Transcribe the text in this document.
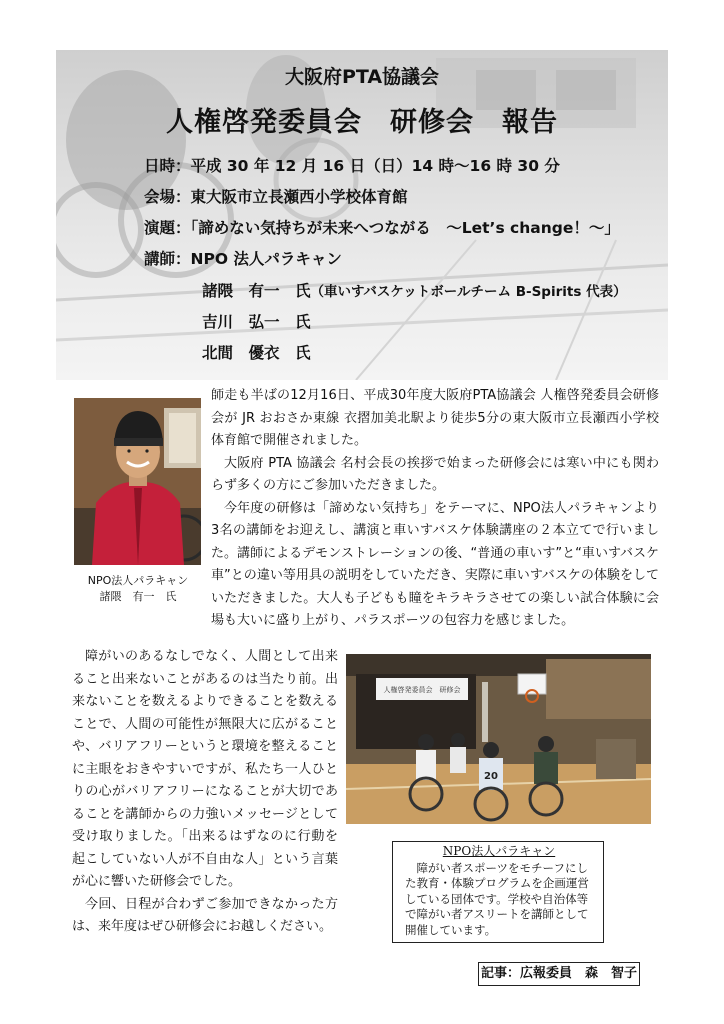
大阪府PTA協議会
人権啓発委員会　研修会　報告
日時：平成 30 年 12 月 16 日（日）14 時～16 時 30 分
会場：東大阪市立長瀬西小学校体育館
演題：「諦めない気持ちが未来へつながる　～Let’s change！～」
講師：NPO 法人パラキャン
諸隈　有一　氏（車いすバスケットボールチーム B-Spirits 代表）
吉川　弘一　氏
北間　優衣　氏
NPO法人パラキャン
諸隈　有一　氏

師走も半ばの12月16日、平成30年度大阪府PTA協議会 人権啓発委員会研修会が JR おおさか東線 衣摺加美北駅より徒歩5分の東大阪市立長瀬西小学校体育館で開催されました。

大阪府 PTA 協議会 名村会長の挨拶で始まった研修会には寒い中にも関わらず多くの方にご参加いただきました。

今年度の研修は「諦めない気持ち」をテーマに、NPO法人パラキャンより3名の講師をお迎えし、講演と車いすバスケ体験講座の２本立てで行いました。講師によるデモンストレーションの後、“普通の車いす”と“車いすバスケ車”との違い等用具の説明をしていただき、実際に車いすバスケの体験をしていただきました。大人も子どもも瞳をキラキラさせての楽しい試合体験に会場も大いに盛り上がり、パラスポーツの包容力を感じました。

障がいのあるなしでなく、人間として出来ること出来ないことがあるのは当たり前。出来ないことを数えるよりできることを数えることで、人間の可能性が無限大に広がることや、バリアフリーというと環境を整えることに主眼をおきやすいですが、私たち一人ひとりの心がバリアフリーになることが大切であることを講師からの力強いメッセージとして受け取りました。「出来るはずなのに行動を起こしていない人が不自由な人」という言葉が心に響いた研修会でした。

今回、日程が合わずご参加できなかった方は、来年度はぜひ研修会にお越しください。

人権啓発委員会　研修会
20
NPO法人パラキャン
障がい者スポーツをモチーフにした教育・体験プログラムを企画運営している団体です。学校や自治体等で障がい者アスリートを講師として開催しています。
記事：広報委員　森　智子
